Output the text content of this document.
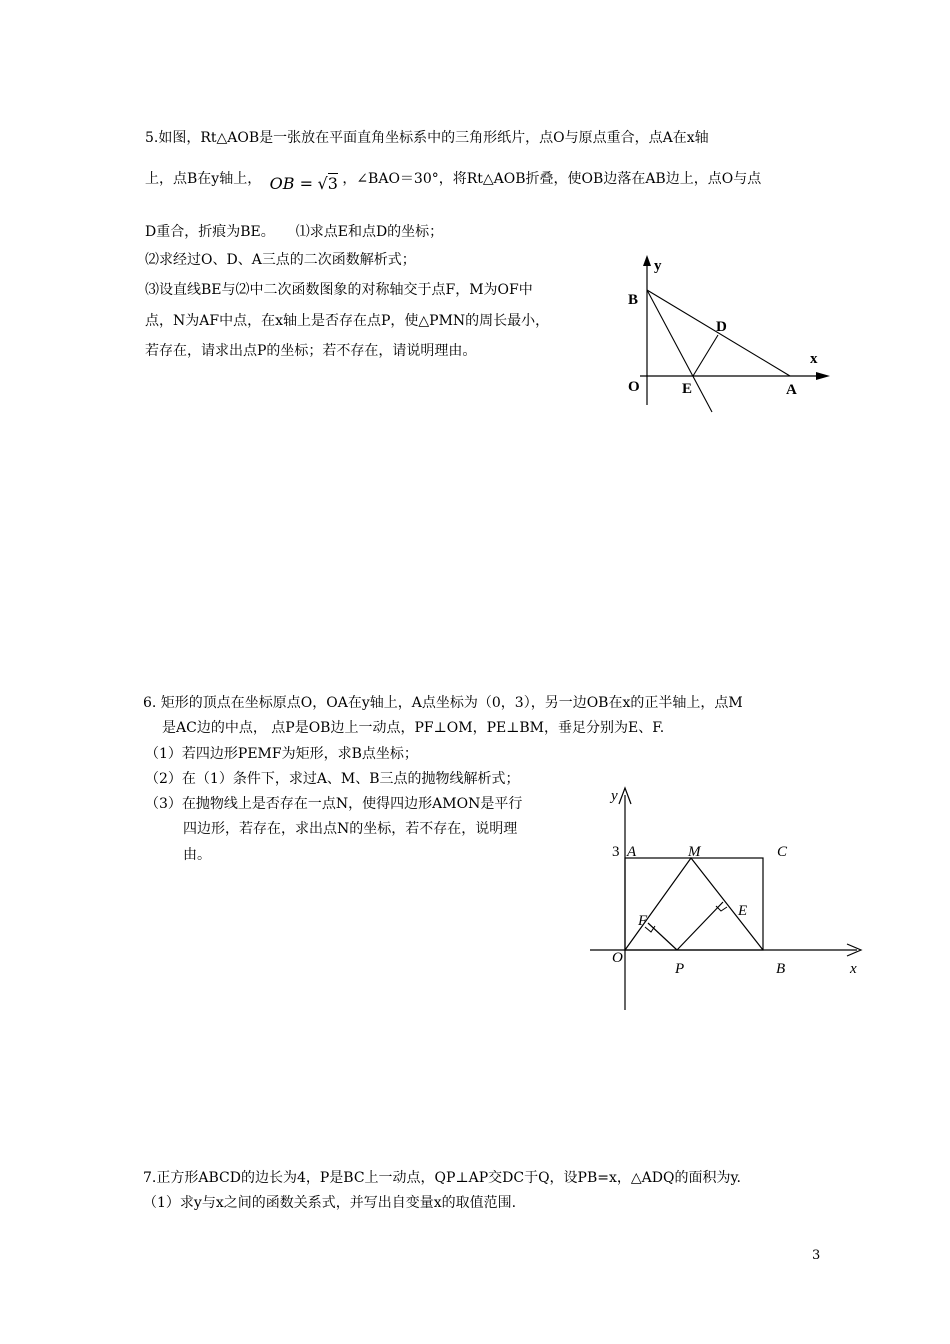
5.如图，Rt△AOB是一张放在平面直角坐标系中的三角形纸片，点O与原点重合，点A在x轴
上，点B在y轴上， OB = √3 ，∠BAO＝30°，将Rt△AOB折叠，使OB边落在AB边上，点O与点
D重合，折痕为BE。　　⑴求点E和点D的坐标；
⑵求经过O、D、A三点的二次函数解析式；
⑶设直线BE与⑵中二次函数图象的对称轴交于点F，M为OF中
点，N为AF中点，在x轴上是否存在点P，使△PMN的周长最小，
若存在，请求出点P的坐标；若不存在，请说明理由。
y
B
D
x
O	E	A
6. 矩形的顶点在坐标原点O，OA在y轴上，A点坐标为（0，3），另一边OB在x的正半轴上，点M
是AC边的中点， 点P是OB边上一动点，PF⊥OM，PE⊥BM，垂足分别为E、F.
（1）若四边形PEMF为矩形，求B点坐标；
（2）在（1）条件下，求过A、M、B三点的抛物线解析式；
（3）在抛物线上是否存在一点N，使得四边形AMON是平行
四边形，若存在，求出点N的坐标，若不存在，说明理
由。
y
3 A	M	C
F
E
O
P	B	x
7.正方形ABCD的边长为4，P是BC上一动点，QP⊥AP交DC于Q，设PB=x，△ADQ的面积为y.
（1）求y与x之间的函数关系式，并写出自变量x的取值范围.
3
